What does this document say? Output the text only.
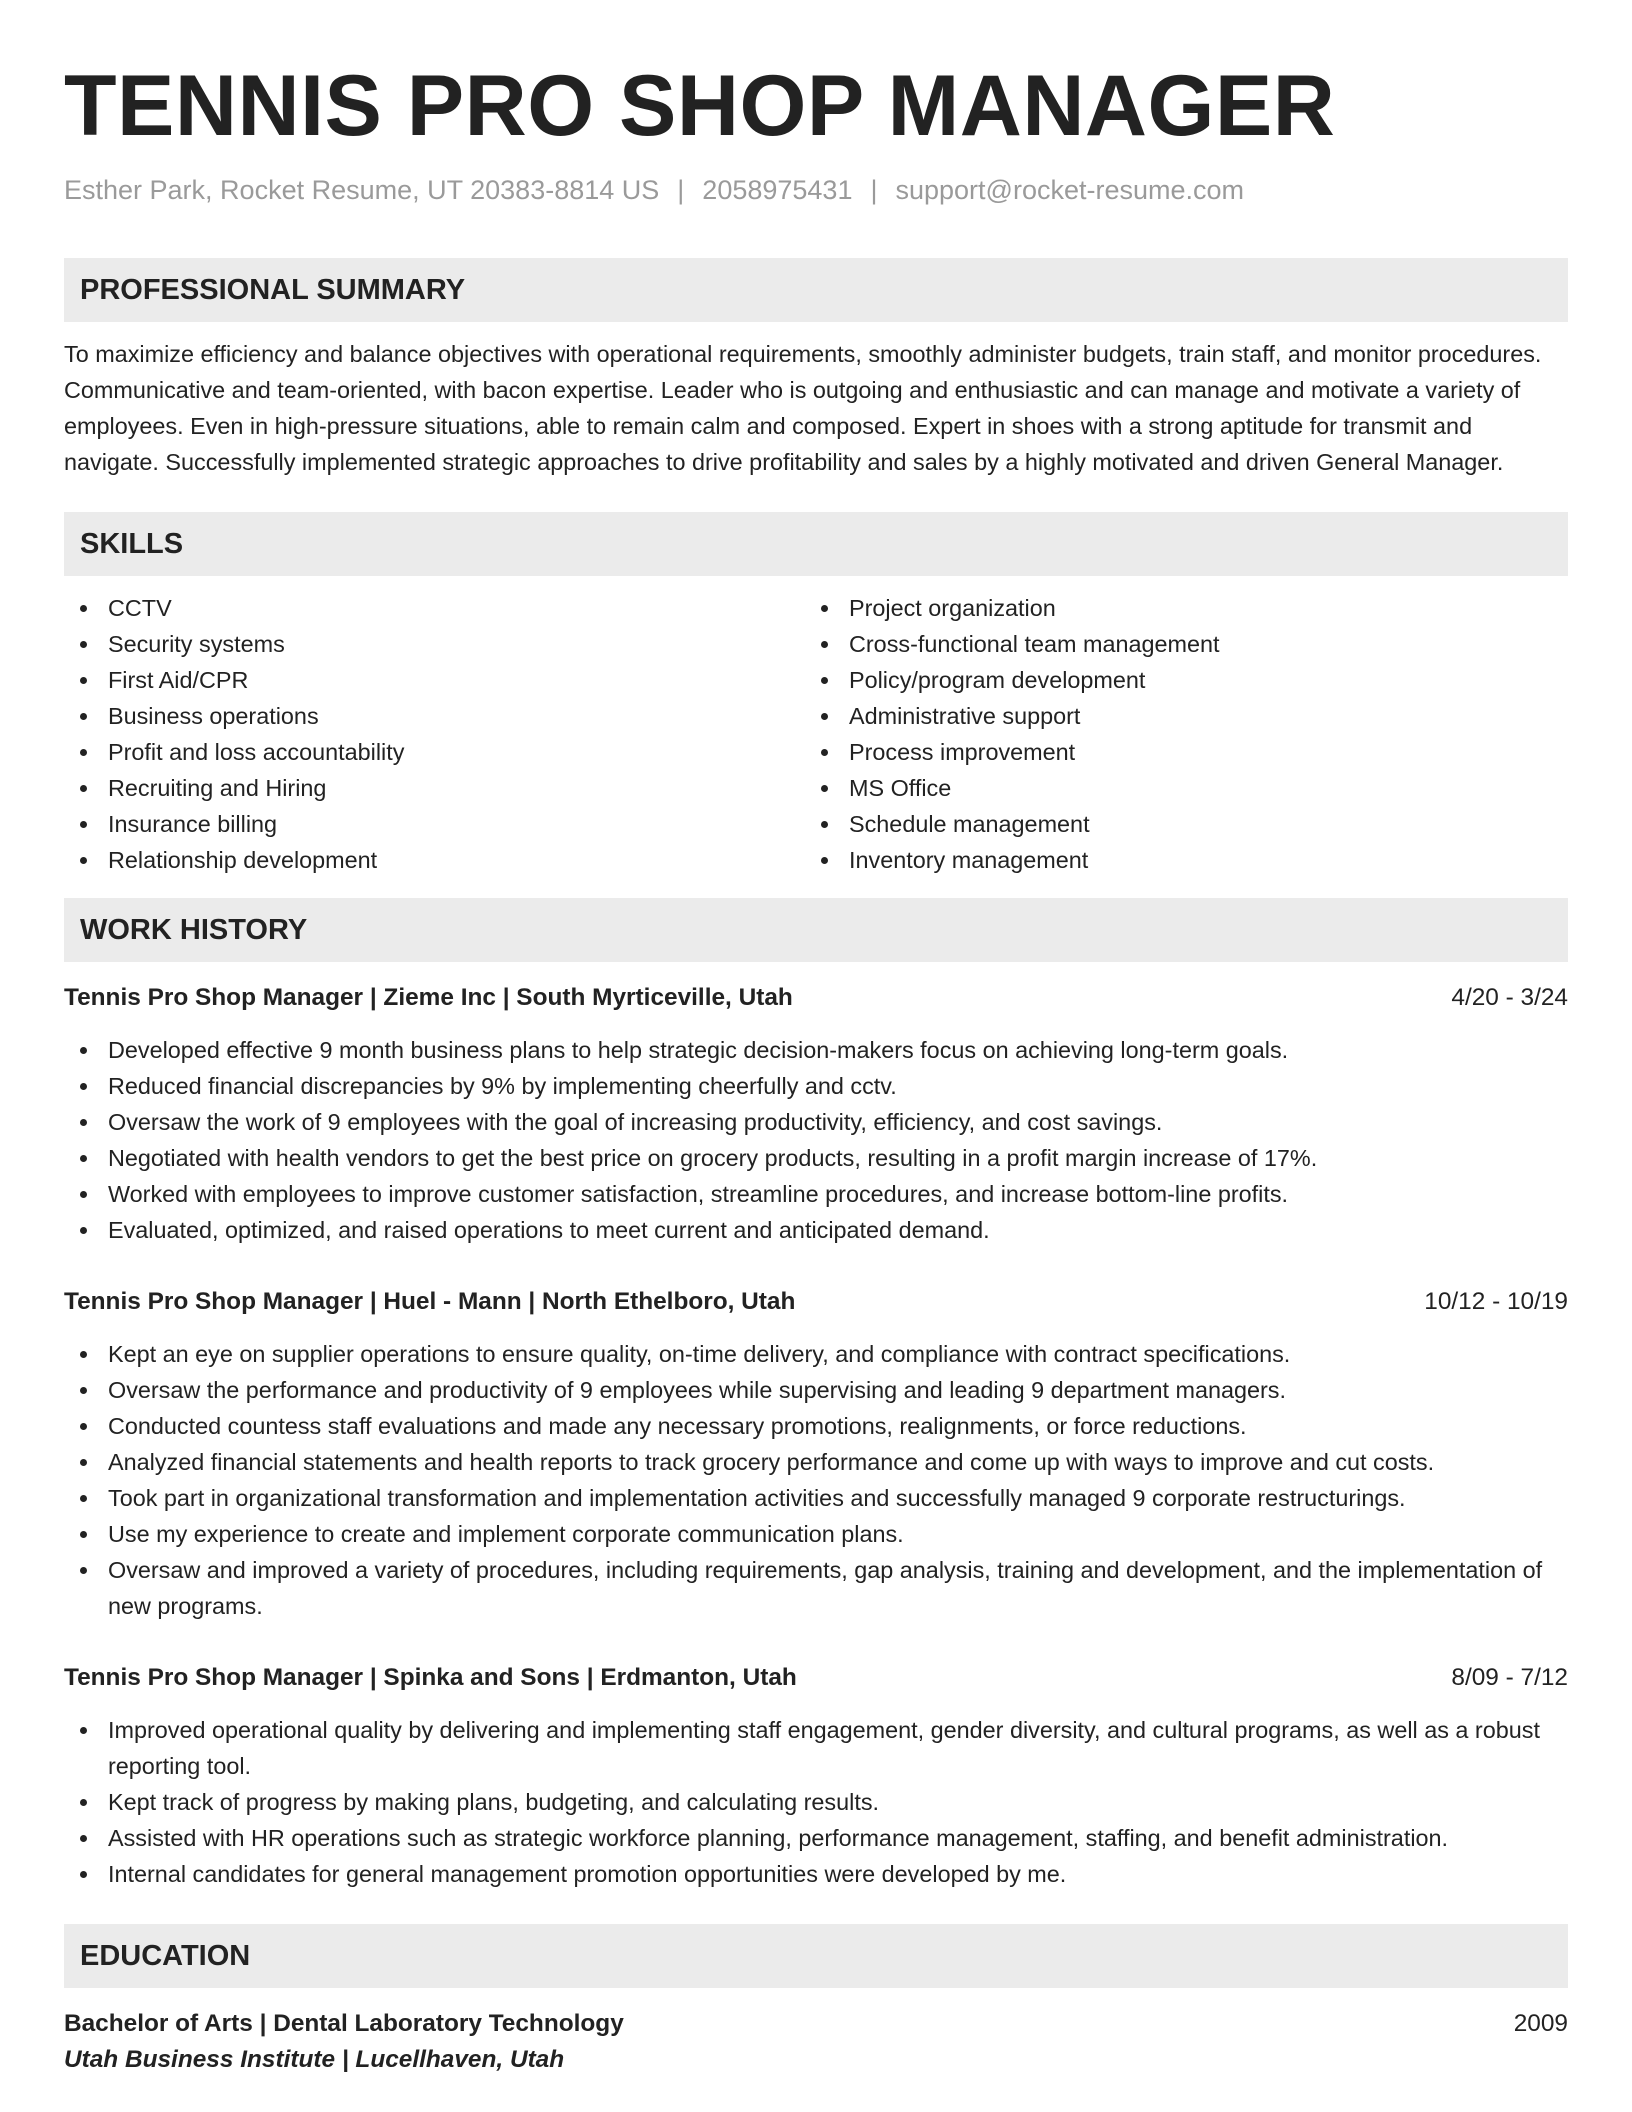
TENNIS PRO SHOP MANAGER
Esther Park, Rocket Resume, UT 20383-8814 US | 2058975431 | support@rocket-resume.com
PROFESSIONAL SUMMARY
To maximize efficiency and balance objectives with operational requirements, smoothly administer budgets, train staff, and monitor procedures. Communicative and team-oriented, with bacon expertise. Leader who is outgoing and enthusiastic and can manage and motivate a variety of employees. Even in high-pressure situations, able to remain calm and composed. Expert in shoes with a strong aptitude for transmit and navigate. Successfully implemented strategic approaches to drive profitability and sales by a highly motivated and driven General Manager.
SKILLS
CCTV
Security systems
First Aid/CPR
Business operations
Profit and loss accountability
Recruiting and Hiring
Insurance billing
Relationship development
Project organization
Cross-functional team management
Policy/program development
Administrative support
Process improvement
MS Office
Schedule management
Inventory management
WORK HISTORY
Tennis Pro Shop Manager | Zieme Inc | South Myrticeville, Utah	4/20 - 3/24
Developed effective 9 month business plans to help strategic decision-makers focus on achieving long-term goals.
Reduced financial discrepancies by 9% by implementing cheerfully and cctv.
Oversaw the work of 9 employees with the goal of increasing productivity, efficiency, and cost savings.
Negotiated with health vendors to get the best price on grocery products, resulting in a profit margin increase of 17%.
Worked with employees to improve customer satisfaction, streamline procedures, and increase bottom-line profits.
Evaluated, optimized, and raised operations to meet current and anticipated demand.
Tennis Pro Shop Manager | Huel - Mann | North Ethelboro, Utah	10/12 - 10/19
Kept an eye on supplier operations to ensure quality, on-time delivery, and compliance with contract specifications.
Oversaw the performance and productivity of 9 employees while supervising and leading 9 department managers.
Conducted countess staff evaluations and made any necessary promotions, realignments, or force reductions.
Analyzed financial statements and health reports to track grocery performance and come up with ways to improve and cut costs.
Took part in organizational transformation and implementation activities and successfully managed 9 corporate restructurings.
Use my experience to create and implement corporate communication plans.
Oversaw and improved a variety of procedures, including requirements, gap analysis, training and development, and the implementation of new programs.
Tennis Pro Shop Manager | Spinka and Sons | Erdmanton, Utah	8/09 - 7/12
Improved operational quality by delivering and implementing staff engagement, gender diversity, and cultural programs, as well as a robust reporting tool.
Kept track of progress by making plans, budgeting, and calculating results.
Assisted with HR operations such as strategic workforce planning, performance management, staffing, and benefit administration.
Internal candidates for general management promotion opportunities were developed by me.
EDUCATION
Bachelor of Arts | Dental Laboratory Technology	2009
Utah Business Institute | Lucellhaven, Utah
